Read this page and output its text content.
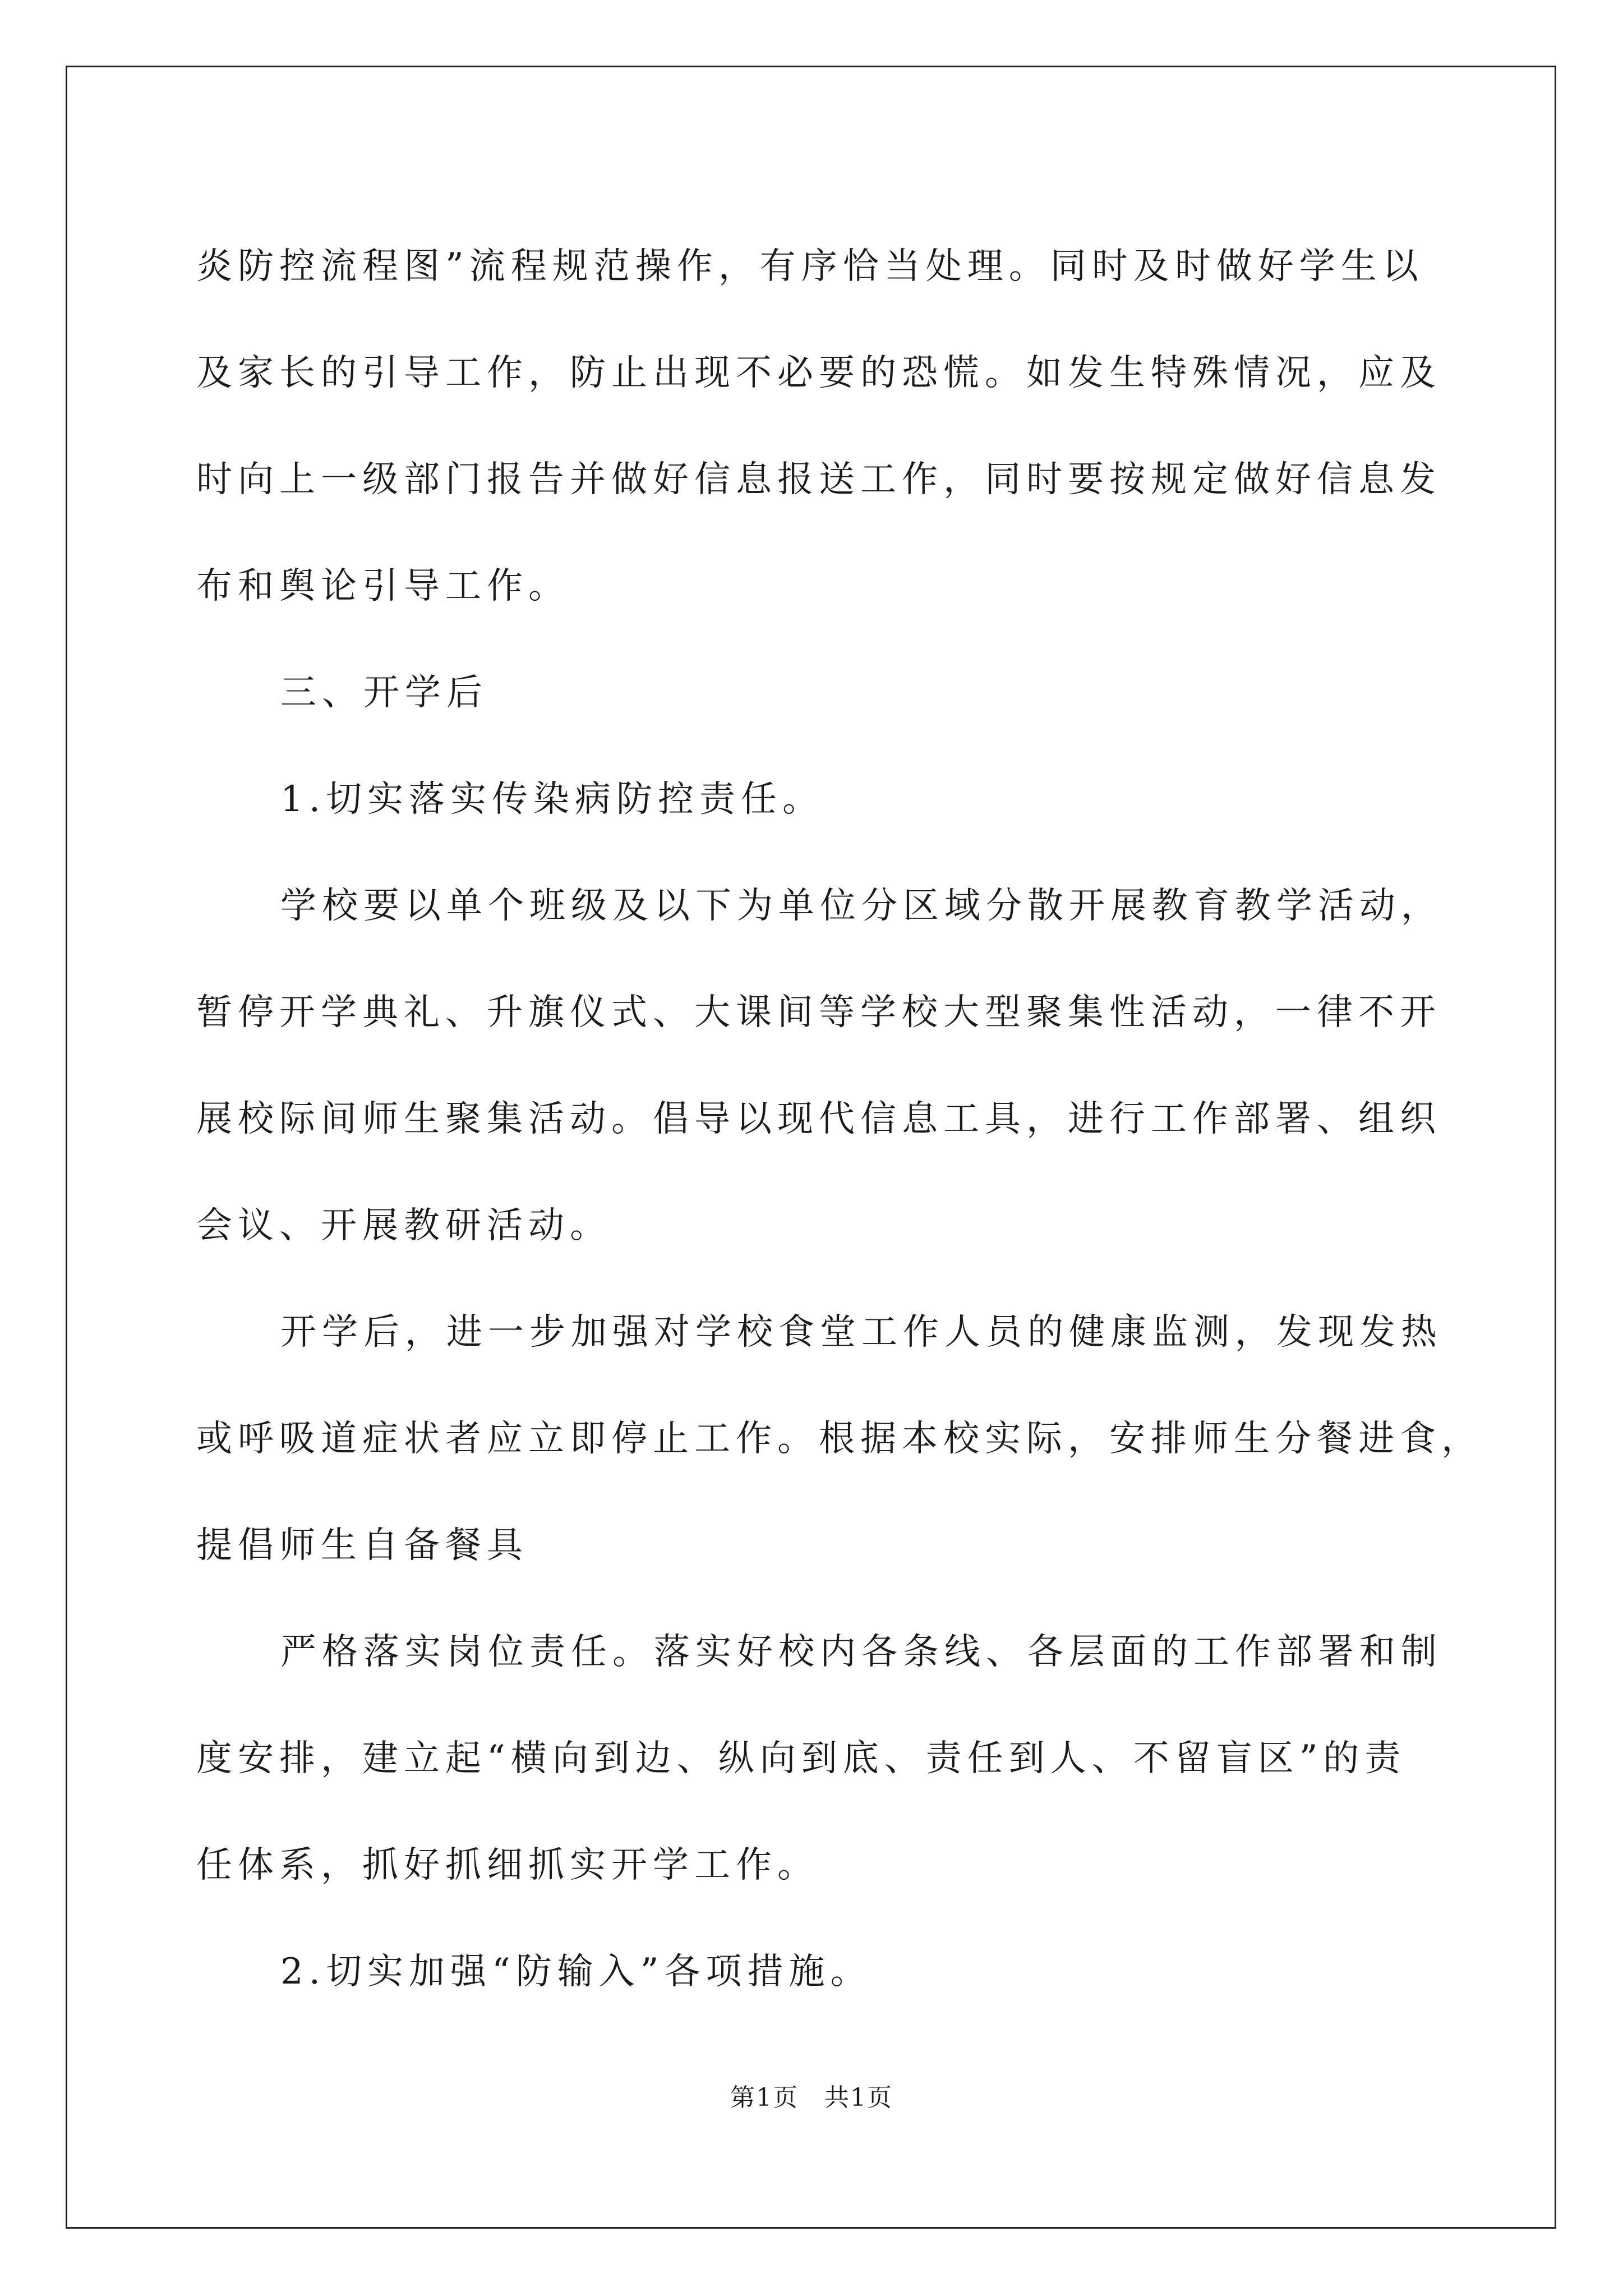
炎防控流程图”流程规范操作，有序恰当处理。同时及时做好学生以
及家长的引导工作，防止出现不必要的恐慌。如发生特殊情况，应及
时向上一级部门报告并做好信息报送工作，同时要按规定做好信息发
布和舆论引导工作。
三、开学后
1.切实落实传染病防控责任。
学校要以单个班级及以下为单位分区域分散开展教育教学活动，
暂停开学典礼、升旗仪式、大课间等学校大型聚集性活动，一律不开
展校际间师生聚集活动。倡导以现代信息工具，进行工作部署、组织
会议、开展教研活动。
开学后，进一步加强对学校食堂工作人员的健康监测，发现发热
或呼吸道症状者应立即停止工作。根据本校实际，安排师生分餐进食，
提倡师生自备餐具
严格落实岗位责任。落实好校内各条线、各层面的工作部署和制
度安排，建立起“横向到边、纵向到底、责任到人、不留盲区”的责
任体系，抓好抓细抓实开学工作。
2.切实加强“防输入”各项措施。
第1页　共1页
